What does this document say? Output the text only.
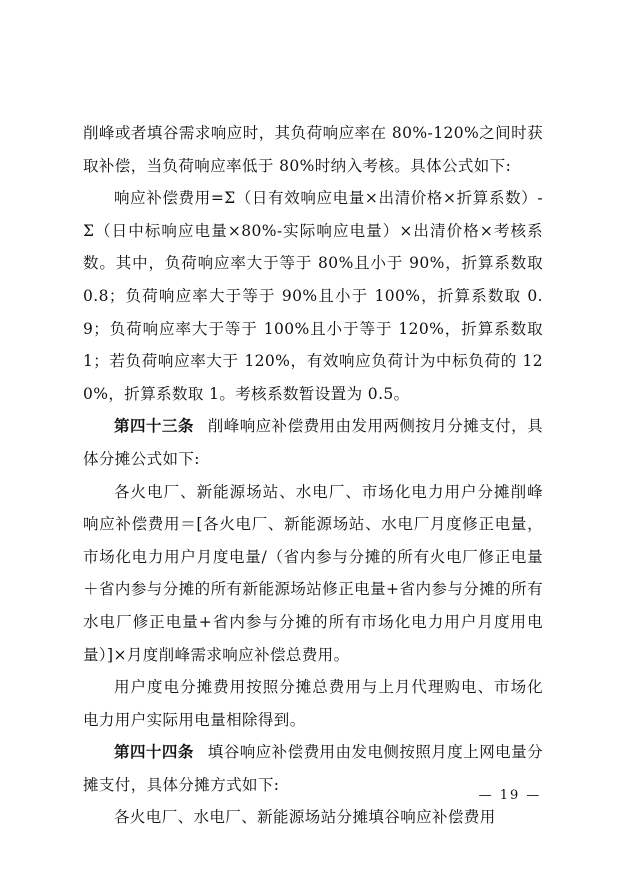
削峰或者填谷需求响应时，其负荷响应率在 80%-120%之间时获取补偿，当负荷响应率低于 80%时纳入考核。具体公式如下:

响应补偿费用=Σ（日有效响应电量×出清价格×折算系数）-Σ（日中标响应电量×80%-实际响应电量）×出清价格×考核系数。其中，负荷响应率大于等于 80%且小于 90%，折算系数取 0.8；负荷响应率大于等于 90%且小于 100%，折算系数取 0.9；负荷响应率大于等于 100%且小于等于 120%，折算系数取 1；若负荷响应率大于 120%，有效响应负荷计为中标负荷的 120%，折算系数取 1。考核系数暂设置为 0.5。

第四十三条 削峰响应补偿费用由发用两侧按月分摊支付，具体分摊公式如下:

各火电厂、新能源场站、水电厂、市场化电力用户分摊削峰响应补偿费用＝[各火电厂、新能源场站、水电厂月度修正电量，市场化电力用户月度电量/（省内参与分摊的所有火电厂修正电量＋省内参与分摊的所有新能源场站修正电量+省内参与分摊的所有水电厂修正电量+省内参与分摊的所有市场化电力用户月度用电量）]×月度削峰需求响应补偿总费用。

用户度电分摊费用按照分摊总费用与上月代理购电、市场化电力用户实际用电量相除得到。

第四十四条 填谷响应补偿费用由发电侧按照月度上网电量分摊支付，具体分摊方式如下:

各火电厂、水电厂、新能源场站分摊填谷响应补偿费用

— 19 —
